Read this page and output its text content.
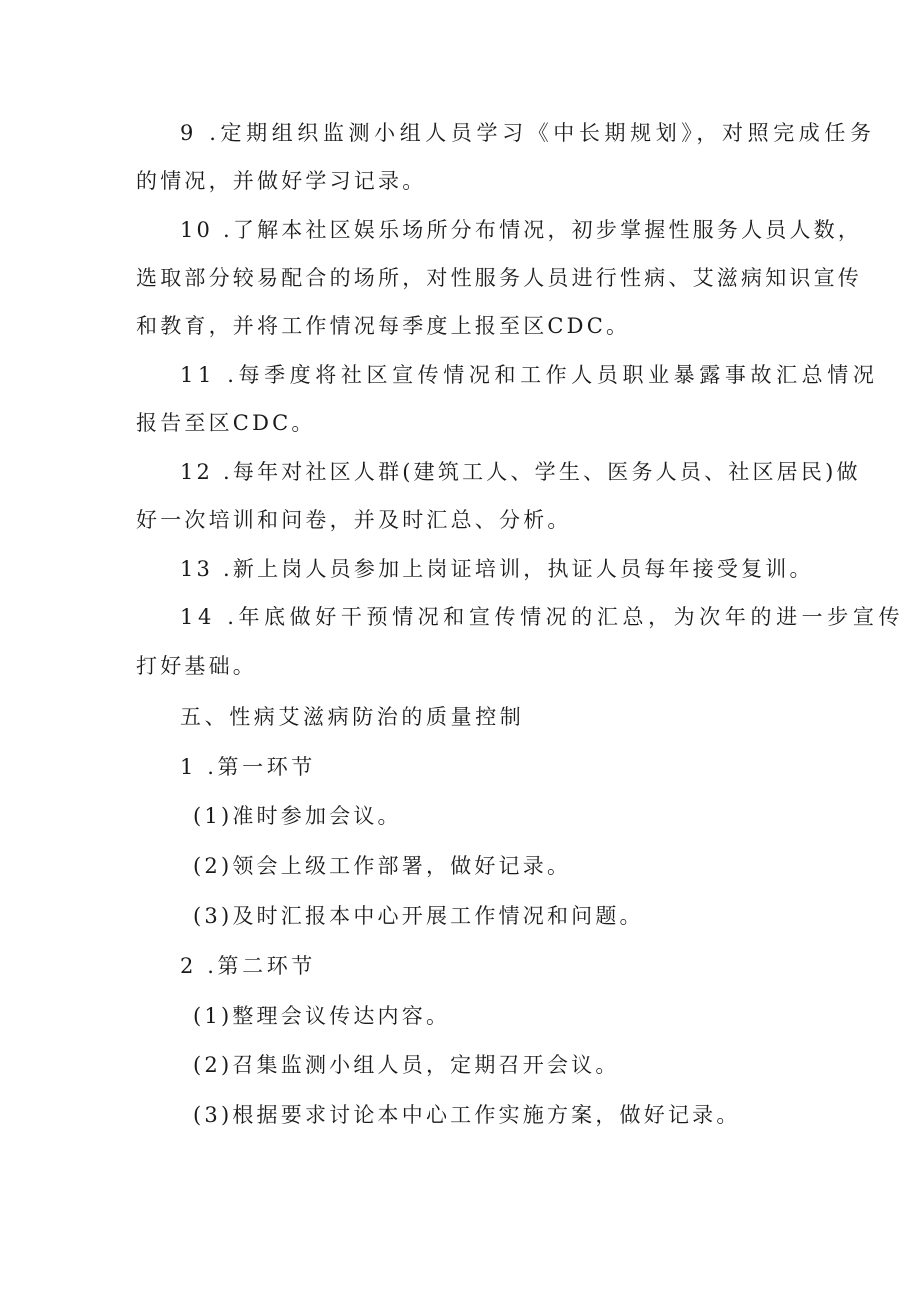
9 .定期组织监测小组人员学习《中长期规划》，对照完成任务
的情况，并做好学习记录。
10 .了解本社区娱乐场所分布情况，初步掌握性服务人员人数，
选取部分较易配合的场所，对性服务人员进行性病、艾滋病知识宣传
和教育，并将工作情况每季度上报至区CDC。
11 .每季度将社区宣传情况和工作人员职业暴露事故汇总情况
报告至区CDC。
12 .每年对社区人群(建筑工人、学生、医务人员、社区居民)做
好一次培训和问卷，并及时汇总、分析。
13 .新上岗人员参加上岗证培训，执证人员每年接受复训。
14 .年底做好干预情况和宣传情况的汇总，为次年的进一步宣传
打好基础。
五、性病艾滋病防治的质量控制
1 .第一环节
(1)准时参加会议。
(2)领会上级工作部署，做好记录。
(3)及时汇报本中心开展工作情况和问题。
2 .第二环节
(1)整理会议传达内容。
(2)召集监测小组人员，定期召开会议。
(3)根据要求讨论本中心工作实施方案，做好记录。
